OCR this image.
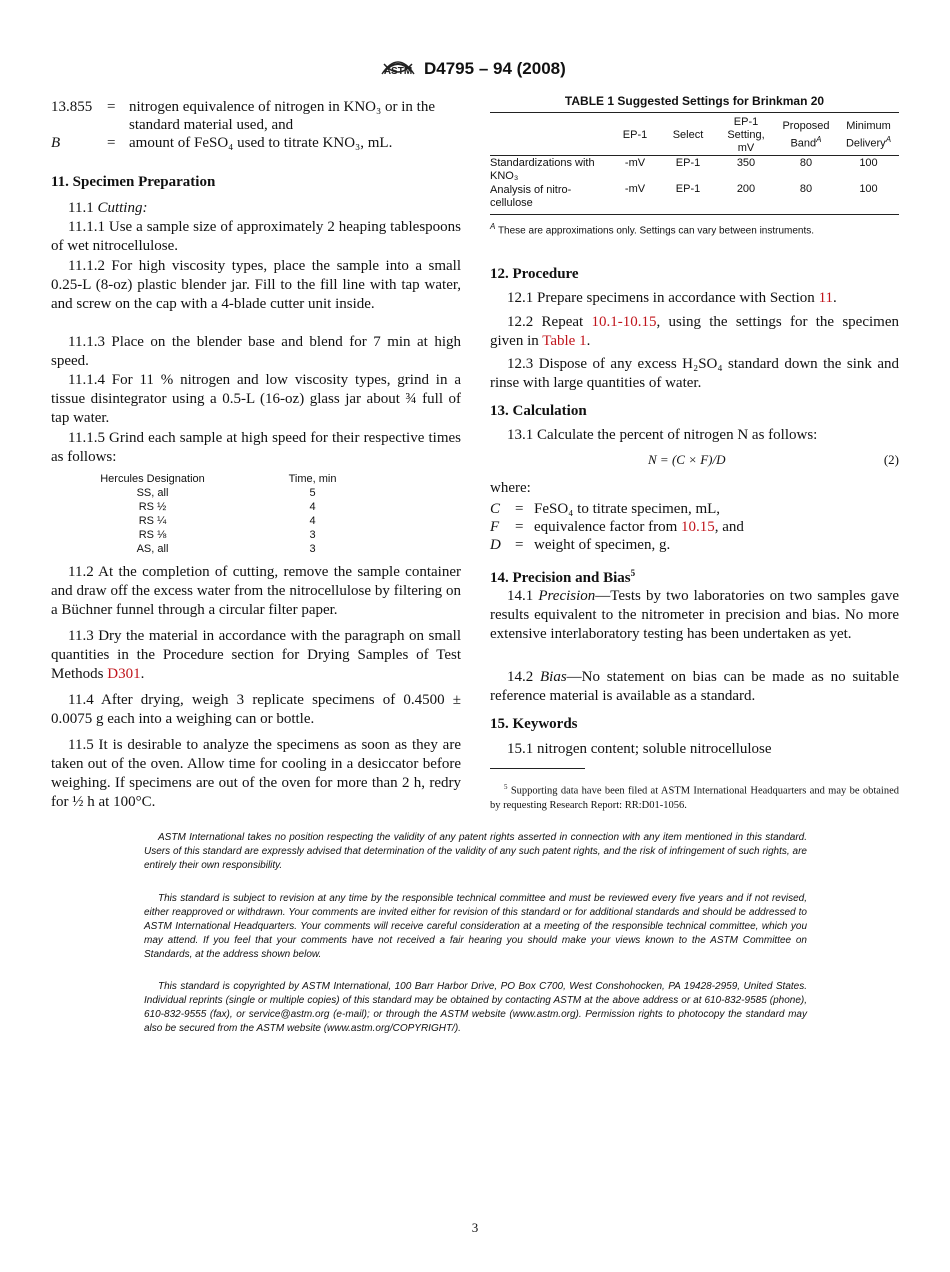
ASTM D4795 – 94 (2008)
13.855 = nitrogen equivalence of nitrogen in KNO₃ or in the standard material used, and
B	= amount of FeSO₄ used to titrate KNO₃, mL.
11. Specimen Preparation
11.1 Cutting:

11.1.1 Use a sample size of approximately 2 heaping tablespoons of wet nitrocellulose.

11.1.2 For high viscosity types, place the sample into a small 0.25-L (8-oz) plastic blender jar. Fill to the fill line with tap water, and screw on the cap with a 4-blade cutter unit inside.

11.1.3 Place on the blender base and blend for 7 min at high speed.

11.1.4 For 11 % nitrogen and low viscosity types, grind in a tissue disintegrator using a 0.5-L (16-oz) glass jar about ¾ full of tap water.

11.1.5 Grind each sample at high speed for their respective times as follows:

Hercules Designation	Time, min
SS, all	5
RS ½	4
RS ¼	4
RS ⅛	3
AS, all	3

11.2 At the completion of cutting, remove the sample container and draw off the excess water from the nitrocellulose by filtering on a Büchner funnel through a circular filter paper.

11.3 Dry the material in accordance with the paragraph on small quantities in the Procedure section for Drying Samples of Test Methods D301.

11.4 After drying, weigh 3 replicate specimens of 0.4500 ± 0.0075 g each into a weighing can or bottle.

11.5 It is desirable to analyze the specimens as soon as they are taken out of the oven. Allow time for cooling in a desiccator before weighing. If specimens are out of the oven for more than 2 h, redry for ½ h at 100°C.

TABLE 1 Suggested Settings for Brinkman 20
	EP-1	Select	EP-1 Setting, mV	Proposed Band$^A$	Minimum Delivery$^A$

Standardizations with KNO₃	-mV	EP-1	350	80	100
Analysis of nitro-cellulose	-mV	EP-1	200	80	100
$^A$ These are approximations only. Settings can vary between instruments.
12. Procedure

12.1 Prepare specimens in accordance with Section 11.

12.2 Repeat 10.1-10.15, using the settings for the specimen given in Table 1.

12.3 Dispose of any excess H₂SO₄ standard down the sink and rinse with large quantities of water.

13. Calculation

13.1 Calculate the percent of nitrogen N as follows:

N = (C × F)/D	(2)
where:
C = FeSO₄ to titrate specimen, mL,
F = equivalence factor from 10.15, and
D = weight of specimen, g.
14. Precision and Bias$^5$

14.1 Precision—Tests by two laboratories on two samples gave results equivalent to the nitrometer in precision and bias. No more extensive interlaboratory testing has been undertaken as yet.

14.2 Bias—No statement on bias can be made as no suitable reference material is available as a standard.

15. Keywords

15.1 nitrogen content; soluble nitrocellulose

$^5$ Supporting data have been filed at ASTM International Headquarters and may be obtained by requesting Research Report: RR:D01-1056.

ASTM International takes no position respecting the validity of any patent rights asserted in connection with any item mentioned in this standard. Users of this standard are expressly advised that determination of the validity of any such patent rights, and the risk of infringement of such rights, are entirely their own responsibility.

This standard is subject to revision at any time by the responsible technical committee and must be reviewed every five years and if not revised, either reapproved or withdrawn. Your comments are invited either for revision of this standard or for additional standards and should be addressed to ASTM International Headquarters. Your comments will receive careful consideration at a meeting of the responsible technical committee, which you may attend. If you feel that your comments have not received a fair hearing you should make your views known to the ASTM Committee on Standards, at the address shown below.

This standard is copyrighted by ASTM International, 100 Barr Harbor Drive, PO Box C700, West Conshohocken, PA 19428-2959, United States. Individual reprints (single or multiple copies) of this standard may be obtained by contacting ASTM at the above address or at 610-832-9585 (phone), 610-832-9555 (fax), or service@astm.org (e-mail); or through the ASTM website (www.astm.org). Permission rights to photocopy the standard may also be secured from the ASTM website (www.astm.org/COPYRIGHT/).

3
